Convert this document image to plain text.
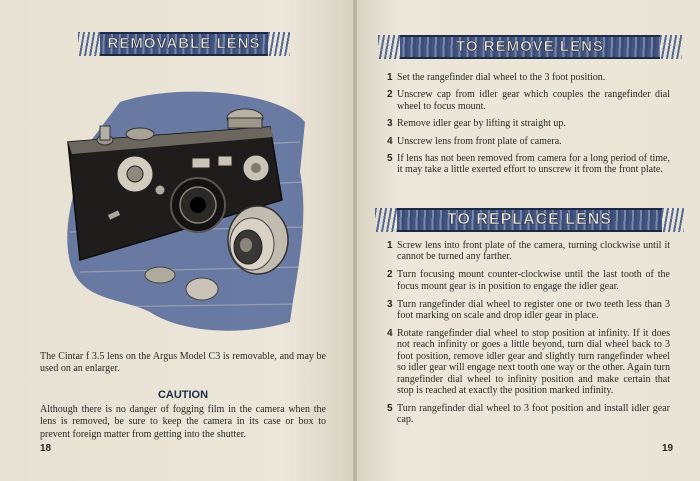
REMOVABLE LENS

The Cintar f 3.5 lens on the Argus Model C3 is removable, and may be used on an enlarger.

CAUTION

Although there is no danger of fogging film in the camera when the lens is removed, be sure to keep the camera in its case or box to prevent foreign matter from getting into the shutter.

18
TO REMOVE LENS
1 Set the rangefinder dial wheel to the 3 foot position.
2 Unscrew cap from idler gear which couples the rangefinder dial wheel to focus mount.
3 Remove idler gear by lifting it straight up.
4 Unscrew lens from front plate of camera.
5 If lens has not been removed from camera for a long period of time, it may take a little exerted effort to unscrew it from the front plate.
TO REPLACE LENS
1 Screw lens into front plate of the camera, turning clockwise until it cannot be turned any farther.
2 Turn focusing mount counter-clockwise until the last tooth of the focus mount gear is in position to engage the idler gear.
3 Turn rangefinder dial wheel to register one or two teeth less than 3 foot marking on scale and drop idler gear in place.
4 Rotate rangefinder dial wheel to stop position at infinity. If it does not reach infinity or goes a little beyond, turn dial wheel back to 3 foot position, remove idler gear and slightly turn rangefinder wheel so idler gear will engage next tooth one way or the other. Again turn rangefinder dial wheel to infinity position and make certain that stop is reached at exactly the position marked infinity.
5 Turn rangefinder dial wheel to 3 foot position and install idler gear cap.
19
